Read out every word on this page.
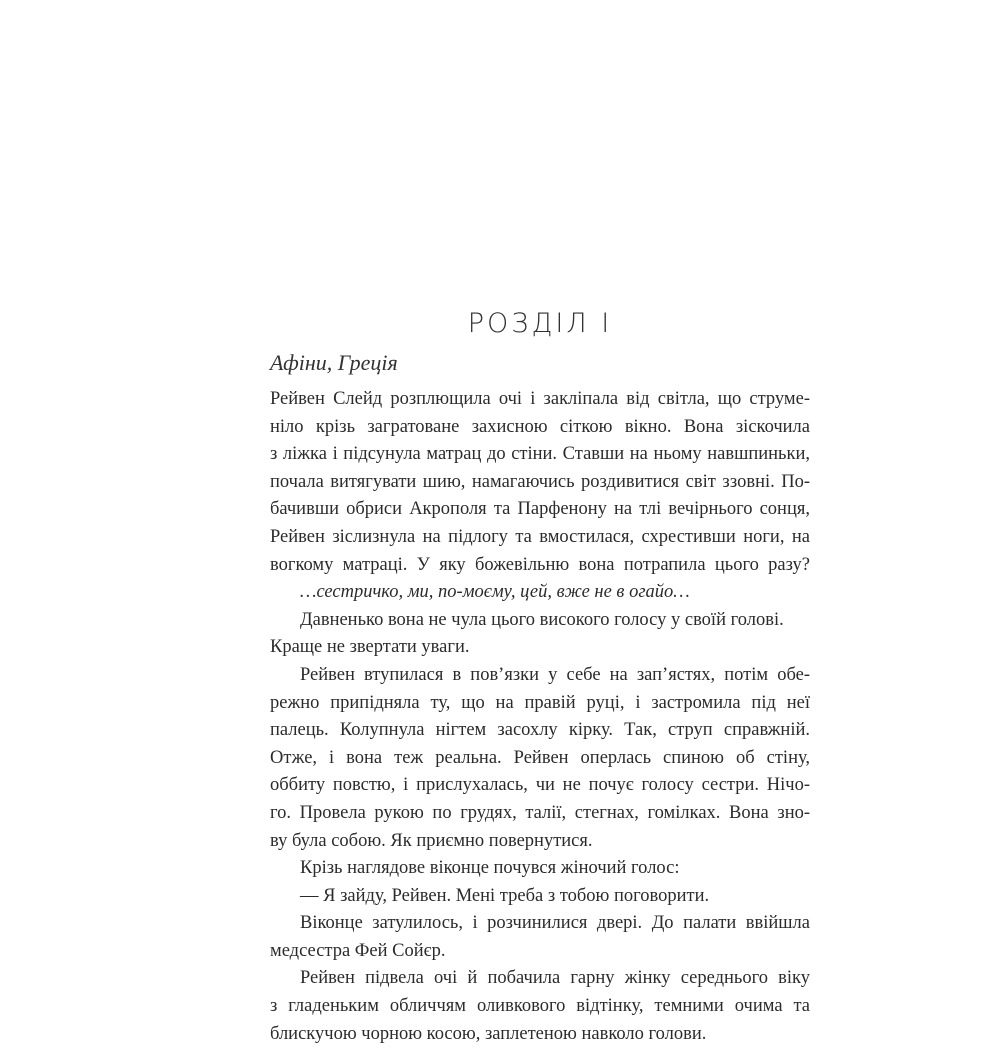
РОЗДІЛ I
Афіни, Греція
Рейвен Слейд розплющила очі і закліпала від світла, що струме-
ніло крізь загратоване захисною сіткою вікно. Вона зіскочила
з ліжка і підсунула матрац до стіни. Ставши на ньому навшпиньки,
почала витягувати шию, намагаючись роздивитися світ ззовні. По-
бачивши обриси Акрополя та Парфенону на тлі вечірнього сонця,
Рейвен зіслизнула на підлогу та вмостилася, схрестивши ноги, на
вогкому матраці. У яку божевільню вона потрапила цього разу?
…сестричко, ми, по-моєму, цей, вже не в огайо…
Давненько вона не чула цього високого голосу у своїй голові.
Краще не звертати уваги.
Рейвен втупилася в пов’язки у себе на зап’ястях, потім обе-
режно припідняла ту, що на правій руці, і застромила під неї
палець. Колупнула нігтем засохлу кірку. Так, струп справжній.
Отже, і вона теж реальна. Рейвен оперлась спиною об стіну,
оббиту повстю, і прислухалась, чи не почує голосу сестри. Нічо-
го. Провела рукою по грудях, талії, стегнах, гомілках. Вона зно-
ву була собою. Як приємно повернутися.
Крізь наглядове віконце почувся жіночий голос:
— Я зайду, Рейвен. Мені треба з тобою поговорити.
Віконце затулилось, і розчинилися двері. До палати ввійшла
медсестра Фей Сойєр.
Рейвен підвела очі й побачила гарну жінку середнього віку
з гладеньким обличчям оливкового відтінку, темними очима та
блискучою чорною косою, заплетеною навколо голови.
